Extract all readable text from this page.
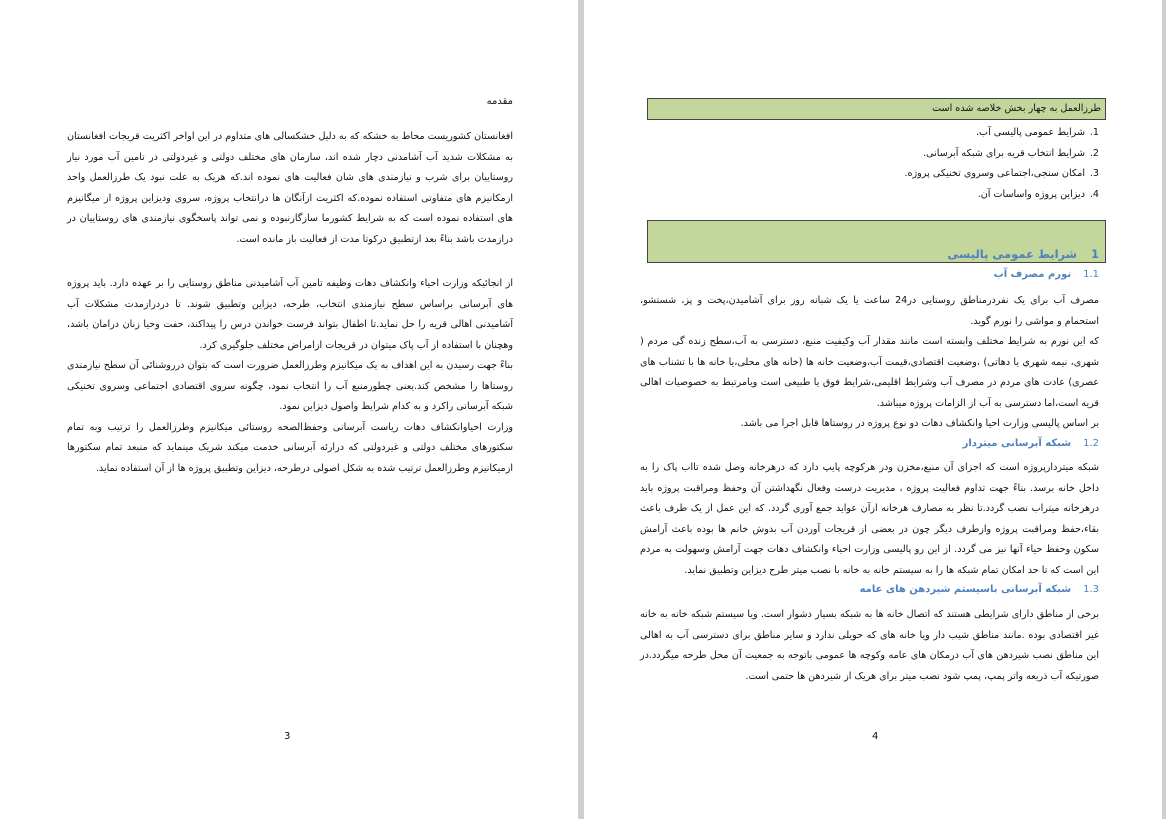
مقدمه

افغانستان کشوریست محاط به خشکه که به دلیل خشکسالی های متداوم در این اواخر اکثریت قریجات افغانستان به مشکلات شدید آب آشامدنی دچار شده اند، سازمان های مختلف دولتی و غیردولتی در تامین آب مورد نیاز روستاییان برای شرب و نیازمندی های شان فعالیت های نموده اند.که هریک به علت نبود یک طرزالعمل واحد ازمکانیزم های متفاوتی استفاده نموده.که اکثریت ازآنگان ها درانتخاب پروژه، سروی ودیزاین پروژه از میگانیزم های استفاده نموده است که به شرایط کشورما سازگارنبوده و نمی تواند پاسخگوی نیازمندی های روستاییان در درازمدت باشد بناءً بعد ازتطبیق درکوتا مدت از فعالیت باز مانده است.

از انجائیکه وزارت احیاء وانکشاف دهات وظیفه تامین آب آشامیدنی مناطق روستایی را بر عهده دارد. باید پروژه های آبرسانی براساس سطح نیازمندی انتخاب، طرحه، دیزاین وتطبیق شوند. تا دردرازمدت مشکلات آب آشامیدنی اهالی قریه را حل نماید.تا اطفال بتواند فرست خواندن درس را پیداکند، حفت وحیا زنان درامان باشد، وهچنان با استفاده از آب پاک میتوان در قریجات ازامراض مختلف جلوگیری کرد.

بناءً جهت رسیدن به این اهداف به یک میکانیزم وطرزالعمل ضرورت است که بتوان درروشنائی آن سطح نیازمندی روستاها را مشخص کند.یعنی چطورمنبع آب را انتخاب نمود، چگونه سروی اقتصادی اجتماعی وسروی تخنیکی شبکه آبرسانی راکرد و به کدام شرایط واصول دیزاین نمود.

وزارت احیاوانکشاف دهات ریاست آبرسانی وحفظ‌الصحه روستائی میکانیزم وطرزالعمل را ترتیب وبه تمام سکتورهای مختلف دولتی و غیردولتی که درارئه آبرسانی خدمت میکند شریک مینماید که منبعد تمام سکتورها ازمیکانیزم وطرزالعمل ترتیب شده به شکل اصولی درطرحه، دیزاین وتطبیق پروژه ها از آن استفاده نماید.

3
طرزالعمل به چهار بخش خلاصه شده است
1.
شرایط عمومی پالیسی آب.
2.
شرایط انتخاب قریه برای شبکه آبرسانی.
3.
امکان سنجی،اجتماعی وسروی تخنیکی پروژه.
4.
دیزاین پروژه واساسات آن.
1شرایط عمومی پالیسی
1.1نورم مصرف آب

مصرف آب برای یک نفردرمناطق روستایی در24 ساعت یا یک شبانه روز برای آشامیدن،پخت و پز، شستشو، استحمام و مواشی را نورم گوید.

که این نورم به شرایط مختلف وابسته است مانند مقدار آب وکیفیت منبع، دسترسی به آب،سطح زنده گی مردم ( شهری، نیمه شهري یا دهاتی) ،وضعیت اقتصادی،قیمت آب،وضعیت خانه ها (خانه های محلی،یا خانه ها با تشناب های عصری) عادت های مردم در مصرف آب وشرایط اقلیمی،شرایط فوق یا طبیعی است ویامرتبط به خصوصیات اهالی قریه است،اما دسترسی به آب از الزامات پروژه میباشد.

بر اساس پالیسی وزارت احیا وانکشاف دهات دو نوع پروژه در روستاها قابل اجرا می باشد.

1.2شبکه آبرسانی میتردار

شبکه میتردارپروژه است که اجزای آن منبع،مخزن ودر هرکوچه پایپ دارد که درهرخانه وصل شده تااب پاک را به داخل خانه برسد. بناءً جهت تداوم فعالیت پروژه ، مدیریت درست وفعال نگهداشتن آن وحفظ ومراقبت پروژه باید درهرخانه میتراب نصب گردد.تا نظر به مصارف هرخانه ازآن عواید جمع آوری گردد. که این عمل از یک طرف باعث بقاء،حفظ ومراقبت پروژه وازطرف دیگر چون در بعضی از قریجات آوردن آب بدوش خانم ها بوده باعث آرامش سکون وحفظ حیاء آنها نیز می گردد. از این رو پالیسی وزارت احیاء وانکشاف دهات جهت آرامش وسهولت به مردم این است که تا حد امکان تمام شبکه ها را به سیستم خانه به خانه با نصب میتر طرح دیزاین وتطبیق نماید.

1.3شبکه آبرسانی باسیستم شیردهن های عامه

برخی از مناطق دارای شرایطی هستند که اتصال خانه ها به شبکه بسیار دشوار است. ویا سیستم شبکه خانه به خانه غیر اقتصادی بوده .مانند مناطق شیب دار ویا خانه های که حویلی ندارد و سایر مناطق برای دسترسی آب به اهالی این مناطق نصب شیردهن های آب درمکان های عامه وکوچه ها عمومی باتوجه به جمعیت آن محل طرحه میگردد.در صورتیکه آب ذریعه واتر پمپ، پمپ شود نصب میتر برای هریک از شیردهن ها حتمی است.

4
